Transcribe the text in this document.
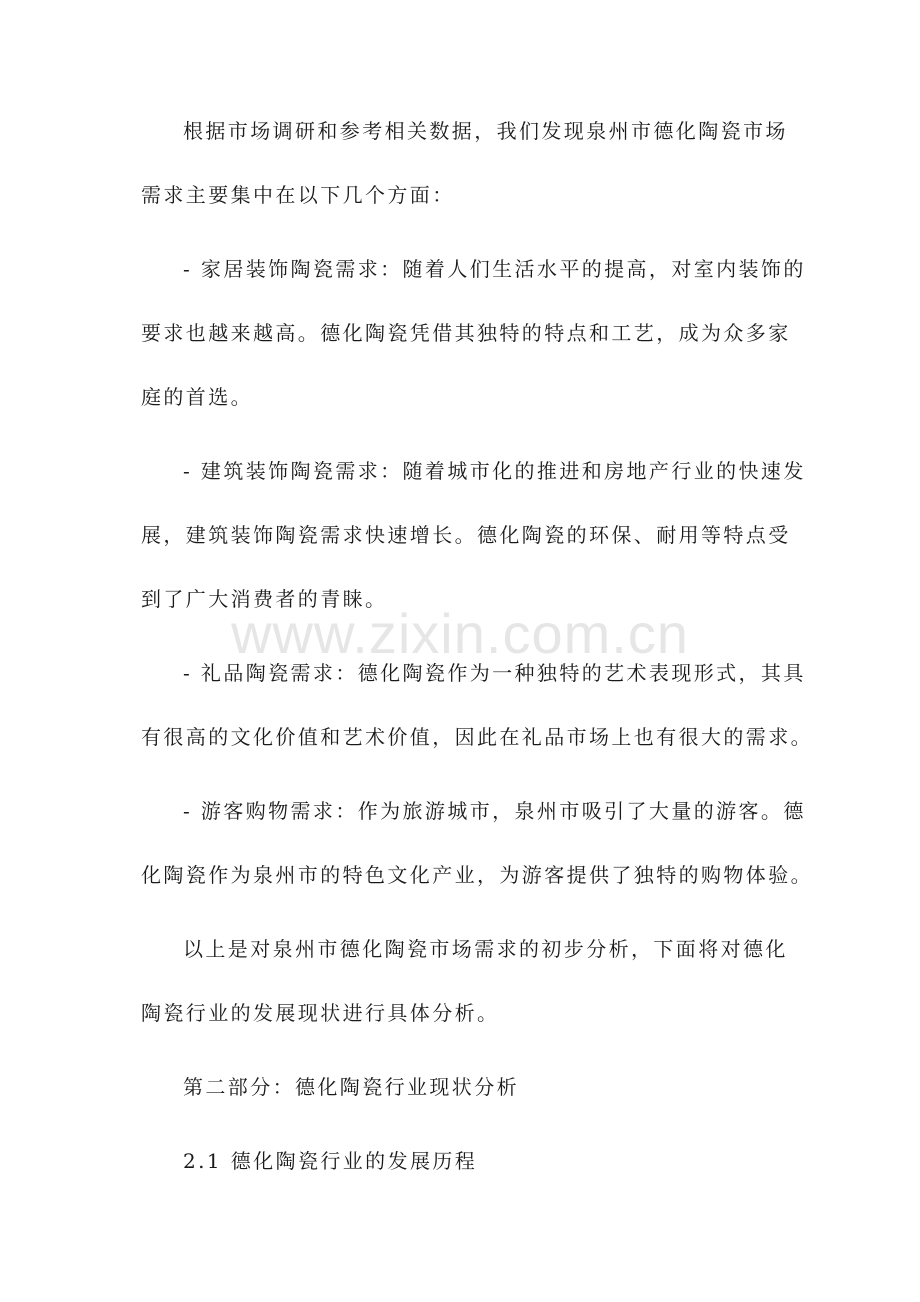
根据市场调研和参考相关数据，我们发现泉州市德化陶瓷市场
需求主要集中在以下几个方面：
- 家居装饰陶瓷需求：随着人们生活水平的提高，对室内装饰的
要求也越来越高。德化陶瓷凭借其独特的特点和工艺，成为众多家
庭的首选。
- 建筑装饰陶瓷需求：随着城市化的推进和房地产行业的快速发
展，建筑装饰陶瓷需求快速增长。德化陶瓷的环保、耐用等特点受
到了广大消费者的青睐。
- 礼品陶瓷需求：德化陶瓷作为一种独特的艺术表现形式，其具
有很高的文化价值和艺术价值，因此在礼品市场上也有很大的需求。
- 游客购物需求：作为旅游城市，泉州市吸引了大量的游客。德
化陶瓷作为泉州市的特色文化产业，为游客提供了独特的购物体验。
以上是对泉州市德化陶瓷市场需求的初步分析，下面将对德化
陶瓷行业的发展现状进行具体分析。
第二部分：德化陶瓷行业现状分析
2.1 德化陶瓷行业的发展历程
www.zixin.com.cn
